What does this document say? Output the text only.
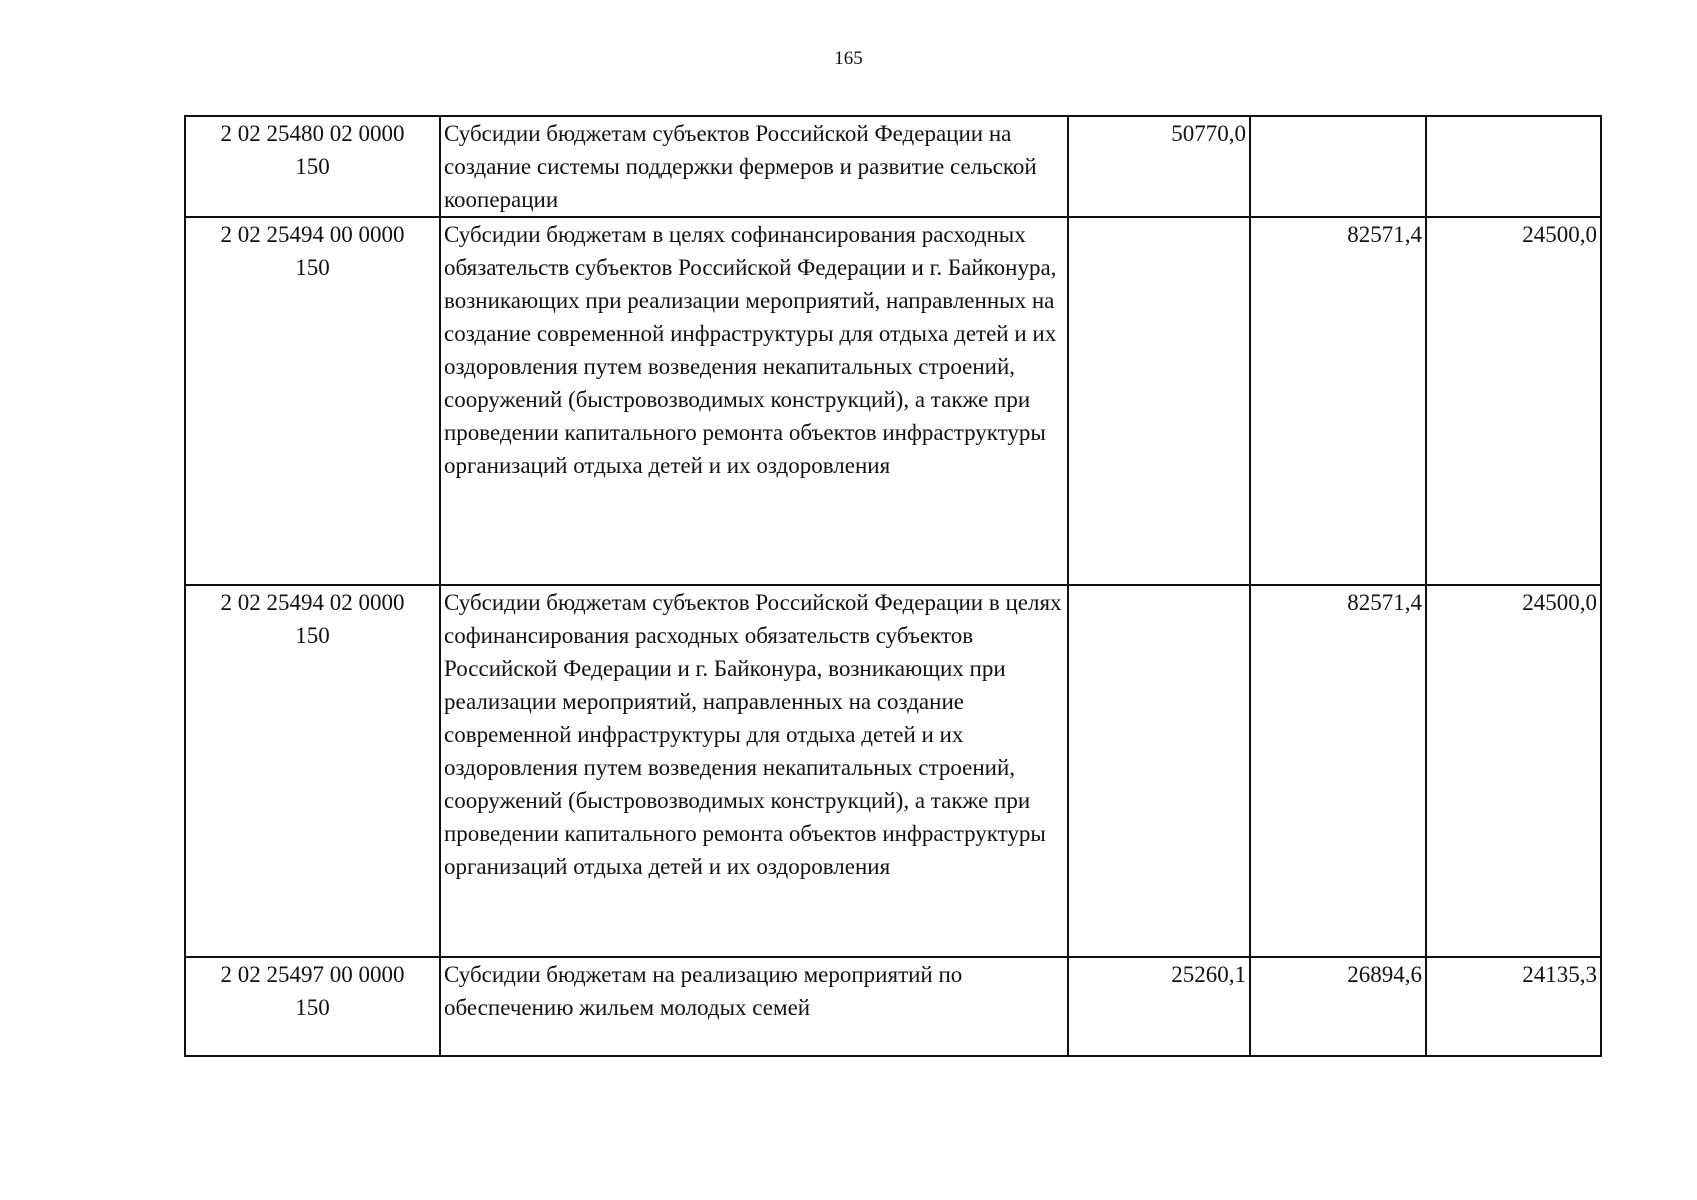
165
2 02 25480 02 0000
150	Субсидии бюджетам субъектов Российской Федерации на создание системы поддержки фермеров и развитие сельской кооперации	50770,0		

2 02 25494 00 0000
150	Субсидии бюджетам в целях софинансирования расходных обязательств субъектов Российской Федерации и г. Байконура, возникающих при реализации мероприятий, направленных на создание современной инфраструктуры для отдыха детей и их оздоровления путем возведения некапитальных строений, сооружений (быстровозводимых конструкций), а также при проведении капитального ремонта объектов инфраструктуры организаций отдыха детей и их оздоровления		82571,4	24500,0

2 02 25494 02 0000
150	Субсидии бюджетам субъектов Российской Федерации в целях софинансирования расходных обязательств субъектов Российской Федерации и г. Байконура, возникающих при реализации мероприятий, направленных на создание современной инфраструктуры для отдыха детей и их оздоровления путем возведения некапитальных строений, сооружений (быстровозводимых конструкций), а также при проведении капитального ремонта объектов инфраструктуры организаций отдыха детей и их оздоровления		82571,4	24500,0

2 02 25497 00 0000
150	Субсидии бюджетам на реализацию мероприятий по обеспечению жильем молодых семей	25260,1	26894,6	24135,3
